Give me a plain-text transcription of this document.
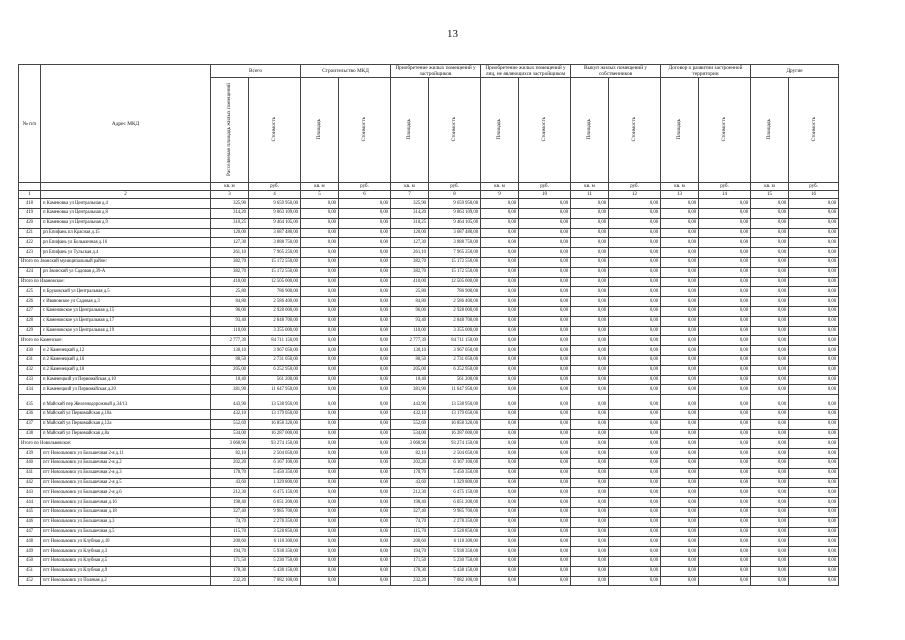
13
№ п/п	Адрес МКД	Всего		Строительство МКД		Приобретение жилых помещений у застройщиков		Приобретение жилых помещений у лиц, не являющихся застройщиком		Выкуп жилых помещений у собственников		Договор о развитии застроенной территории		Другие	
		Расселяемая площадь жилых помещений	Стоимость	Площадь	Стоимость	Площадь	Стоимость	Площадь	Стоимость	Площадь	Стоимость	Площадь	Стоимость	Площадь	Стоимость
		кв. м	руб.	кв. м	руб.	кв. м	руб.	кв. м	руб.	кв. м	руб.	кв. м	руб.	кв. м	руб.
1	2	3	4	5	6	7	8	9	10	11	12	13	14	15	16
418	п Каменовка ул Центральная д.4	325,90	9 659 950,00	0,00	0,00	325,90	9 659 950,00	0,00	0,00	0,00	0,00	0,00	0,00	0,00	0,00
419	п Каменовка ул Центральная д.8	314,20	9 863 109,00	0,00	0,00	314,20	9 863 109,00	0,00	0,00	0,00	0,00	0,00	0,00	0,00	0,00
420	п Каменовка ул Центральная д.9	310,25	9 464 105,00	0,00	0,00	310,25	9 464 105,00	0,00	0,00	0,00	0,00	0,00	0,00	0,00	0,00
421	рп Епифань пл Красная д.15	120,00	3 687 480,00	0,00	0,00	120,00	3 687 480,00	0,00	0,00	0,00	0,00	0,00	0,00	0,00	0,00
422	рп Епифань ул Большечная д.16	127,30	3 888 750,00	0,00	0,00	127,30	3 888 750,00	0,00	0,00	0,00	0,00	0,00	0,00	0,00	0,00
423	рп Епифань ул Тульская д.4	261,10	7 965 250,00	0,00	0,00	261,10	7 965 250,00	0,00	0,00	0,00	0,00	0,00	0,00	0,00	0,00
Итого по Звонский муниципальный район:		382,70	15 172 550,00	0,00	0,00	382,70	15 172 550,00	0,00	0,00	0,00	0,00	0,00	0,00	0,00	0,00
424	рп Звонский ул Садовая д.39-А	382,70	15 172 550,00	0,00	0,00	382,70	15 172 550,00	0,00	0,00	0,00	0,00	0,00	0,00	0,00	0,00
Итого по Ивановское:		410,00	12 505 000,00	0,00	0,00	410,00	12 505 000,00	0,00	0,00	0,00	0,00	0,00	0,00	0,00	0,00
425	п Бруковский ул Центральная д.5	25,80	786 900,00	0,00	0,00	25,80	786 900,00	0,00	0,00	0,00	0,00	0,00	0,00	0,00	0,00
426	с Ивановское ул Садовая д.3	84,80	2 586 400,00	0,00	0,00	84,80	2 586 400,00	0,00	0,00	0,00	0,00	0,00	0,00	0,00	0,00
427	с Каменовское ул Центральная д.15	96,00	2 928 000,00	0,00	0,00	96,00	2 928 000,00	0,00	0,00	0,00	0,00	0,00	0,00	0,00	0,00
428	с Каменовское ул Центральная д.17	93,40	2 848 700,00	0,00	0,00	93,40	2 848 700,00	0,00	0,00	0,00	0,00	0,00	0,00	0,00	0,00
429	с Каменовское ул Центральная д.19	110,00	3 355 000,00	0,00	0,00	110,00	3 355 000,00	0,00	0,00	0,00	0,00	0,00	0,00	0,00	0,00
Итого по Каменское:		2 777,39	84 711 150,00	0,00	0,00	2 777,39	84 711 150,00	0,00	0,00	0,00	0,00	0,00	0,00	0,00	0,00
430	п 2 Каменецкий д.12	130,10	3 967 050,00	0,00	0,00	130,10	3 967 050,00	0,00	0,00	0,00	0,00	0,00	0,00	0,00	0,00
431	п 2 Каменецкий д.16	88,50	2 731 050,00	0,00	0,00	88,50	2 731 050,00	0,00	0,00	0,00	0,00	0,00	0,00	0,00	0,00
432	п 2 Каменецкий д.18	205,00	6 252 950,00	0,00	0,00	205,00	6 252 950,00	0,00	0,00	0,00	0,00	0,00	0,00	0,00	0,00
433	п Каменецкий ул Первомайская д.10	18,40	561 200,00	0,00	0,00	18,40	561 200,00	0,00	0,00	0,00	0,00	0,00	0,00	0,00	0,00
434	п Каменецкий ул Первомайская д.20	381,90	11 647 950,00	0,00	0,00	381,90	11 647 950,00	0,00	0,00	0,00	0,00	0,00	0,00	0,00	0,00
435	п Майский пер Железнодорожный д.34/13	443,90	13 538 950,00	0,00	0,00	443,90	13 538 950,00	0,00	0,00	0,00	0,00	0,00	0,00	0,00	0,00
436	п Майский ул Первомайская д.10а	432,10	13 179 050,00	0,00	0,00	432,10	13 179 050,00	0,00	0,00	0,00	0,00	0,00	0,00	0,00	0,00
437	п Майский ул Первомайская д.12а	552,69	16 858 320,00	0,00	0,00	552,69	16 858 320,00	0,00	0,00	0,00	0,00	0,00	0,00	0,00	0,00
438	п Майский ул Первомайская д.8а	534,00	16 287 000,00	0,00	0,00	534,00	16 287 000,00	0,00	0,00	0,00	0,00	0,00	0,00	0,00	0,00
Итого по Новольвовское:		3 068,90	93 274 150,00	0,00	0,00	3 068,90	93 274 150,00	0,00	0,00	0,00	0,00	0,00	0,00	0,00	0,00
439	пгт Новольвовск ул Большечная 2-я д.11	82,10	2 504 050,00	0,00	0,00	82,10	2 504 050,00	0,00	0,00	0,00	0,00	0,00	0,00	0,00	0,00
440	пгт Новольвовск ул Большечная 2-я д.2	202,20	6 167 100,00	0,00	0,00	202,20	6 167 100,00	0,00	0,00	0,00	0,00	0,00	0,00	0,00	0,00
441	пгт Новольвовск ул Большечная 2-я д.3	178,70	5 450 350,00	0,00	0,00	178,70	5 450 350,00	0,00	0,00	0,00	0,00	0,00	0,00	0,00	0,00
442	пгт Новольвовск ул Большечная 2-я д.5	43,60	1 329 800,00	0,00	0,00	43,60	1 329 800,00	0,00	0,00	0,00	0,00	0,00	0,00	0,00	0,00
443	пгт Новольвовск ул Большечная 2-я д.6	212,30	6 475 150,00	0,00	0,00	212,30	6 475 150,00	0,00	0,00	0,00	0,00	0,00	0,00	0,00	0,00
444	пгт Новольвовск ул Большечная д.16	198,40	6 051 200,00	0,00	0,00	198,40	6 051 200,00	0,00	0,00	0,00	0,00	0,00	0,00	0,00	0,00
445	пгт Новольвовск ул Большечная д.18	327,40	9 985 700,00	0,00	0,00	327,40	9 985 700,00	0,00	0,00	0,00	0,00	0,00	0,00	0,00	0,00
446	пгт Новольвовск ул Большечная д.3	74,70	2 278 350,00	0,00	0,00	74,70	2 278 350,00	0,00	0,00	0,00	0,00	0,00	0,00	0,00	0,00
447	пгт Новольвовск ул Большечная д.5	115,70	3 528 850,00	0,00	0,00	115,70	3 528 850,00	0,00	0,00	0,00	0,00	0,00	0,00	0,00	0,00
448	пгт Новольвовск ул Клубная д.10	200,60	6 118 300,00	0,00	0,00	200,60	6 118 300,00	0,00	0,00	0,00	0,00	0,00	0,00	0,00	0,00
449	пгт Новольвовск ул Клубная д.3	194,70	5 938 350,00	0,00	0,00	194,70	5 938 350,00	0,00	0,00	0,00	0,00	0,00	0,00	0,00	0,00
450	пгт Новольвовск ул Клубная д.5	171,50	5 230 750,00	0,00	0,00	171,50	5 230 750,00	0,00	0,00	0,00	0,00	0,00	0,00	0,00	0,00
451	пгт Новольвовск ул Клубная д.9	178,30	5 438 150,00	0,00	0,00	178,30	5 438 150,00	0,00	0,00	0,00	0,00	0,00	0,00	0,00	0,00
452	пгт Новольвовск ул Полевая д.2	232,20	7 082 100,00	0,00	0,00	232,20	7 082 100,00	0,00	0,00	0,00	0,00	0,00	0,00	0,00	0,00
